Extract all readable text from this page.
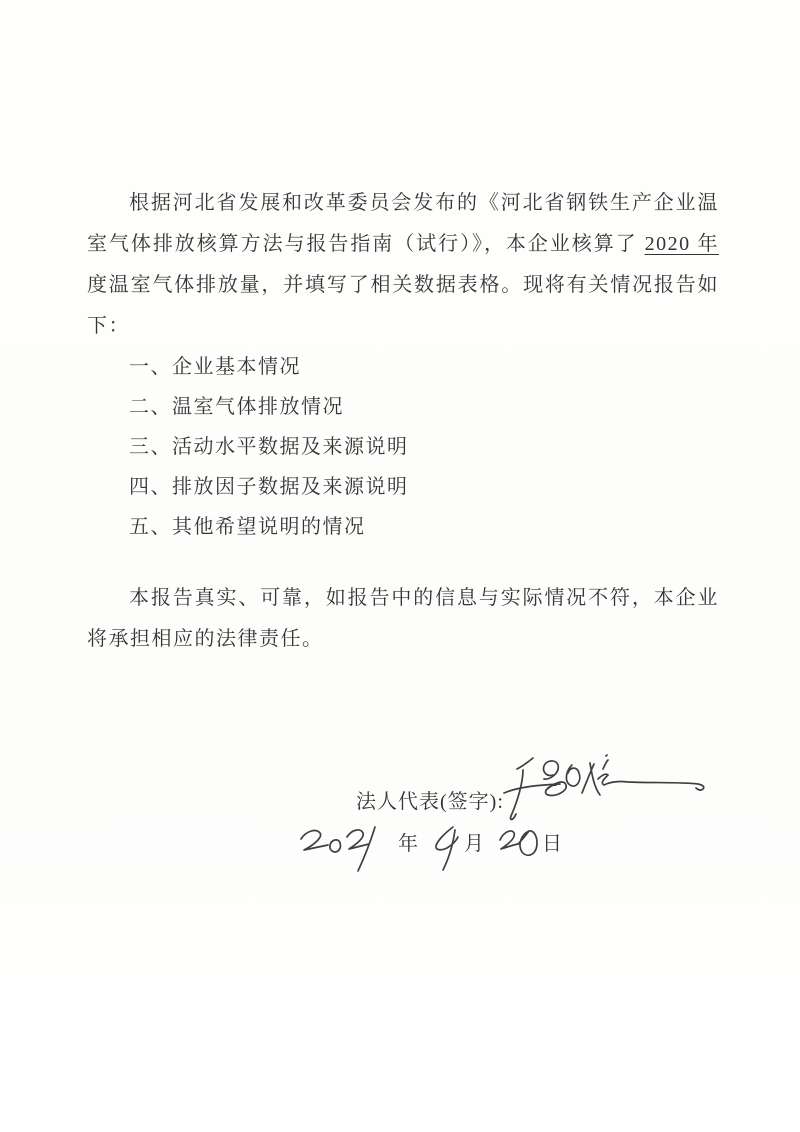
根据河北省发展和改革委员会发布的《河北省钢铁生产企业温室气体排放核算方法与报告指南（试行）》，本企业核算了 2020 年度温室气体排放量，并填写了相关数据表格。现将有关情况报告如下：

一、企业基本情况

二、温室气体排放情况

三、活动水平数据及来源说明

四、排放因子数据及来源说明

五、其他希望说明的情况

本报告真实、可靠，如报告中的信息与实际情况不符，本企业将承担相应的法律责任。

法人代表(签字):
年 月	日
